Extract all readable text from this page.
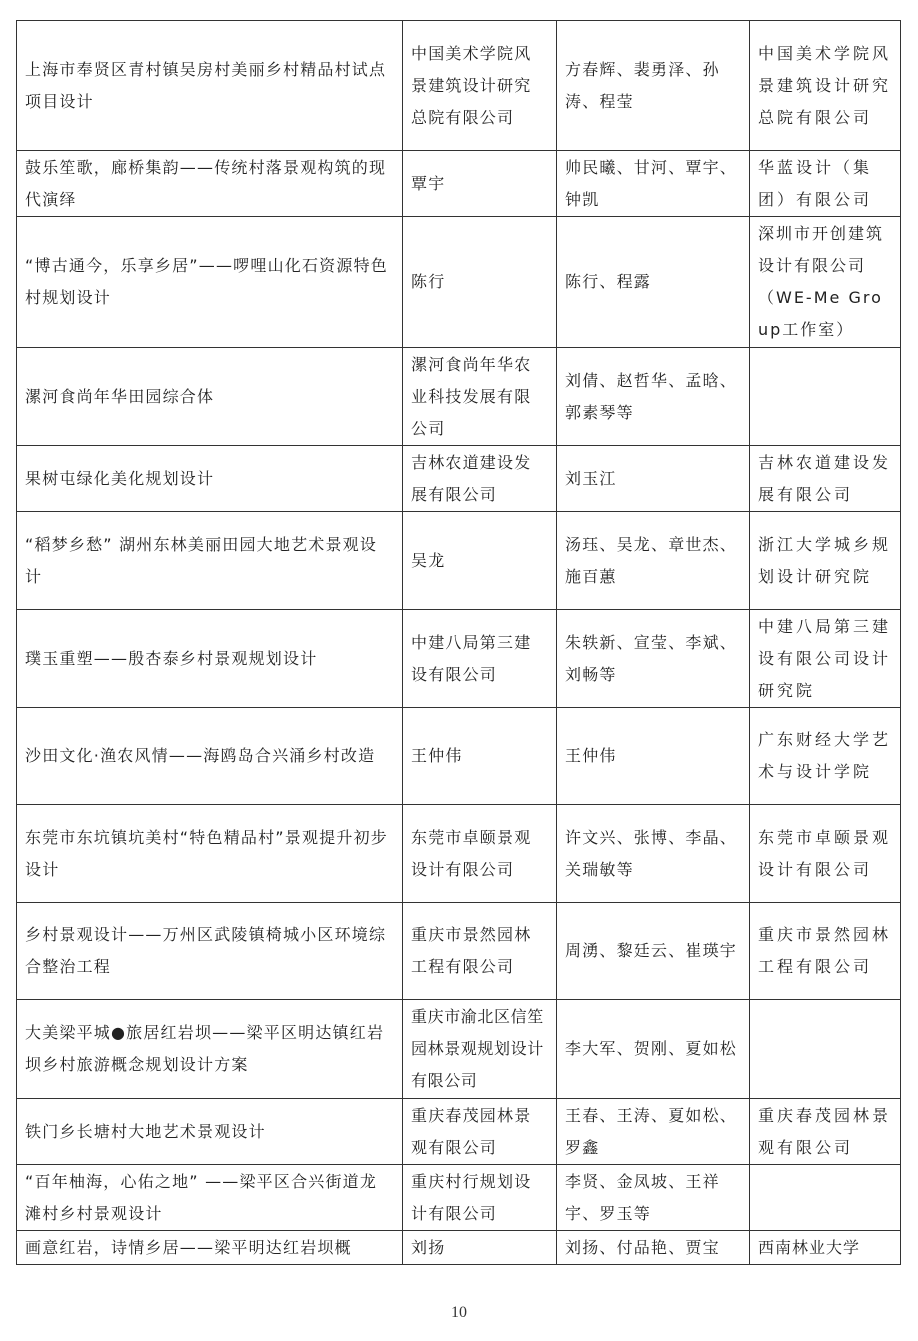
上海市奉贤区青村镇吴房村美丽乡村精品村试点项目设计	中国美术学院风景建筑设计研究总院有限公司	方春辉、裴勇泽、孙涛、程莹	中国美术学院风景建筑设计研究总院有限公司
鼓乐笙歌，廊桥集韵——传统村落景观构筑的现代演绎	覃宇	帅民曦、甘河、覃宇、钟凯	华蓝设计（集团）有限公司
“博古通今，乐享乡居”——啰哩山化石资源特色村规划设计	陈行	陈行、程露	深圳市开创建筑设计有限公司（WE-Me Group工作室）
漯河食尚年华田园综合体	漯河食尚年华农业科技发展有限公司	刘倩、赵哲华、孟晗、郭素琴等	
果树屯绿化美化规划设计	吉林农道建设发展有限公司	刘玉江	吉林农道建设发展有限公司
“稻梦乡愁” 湖州东林美丽田园大地艺术景观设计	吴龙	汤珏、吴龙、章世杰、施百蕙	浙江大学城乡规划设计研究院
璞玉重塑——殷杏泰乡村景观规划设计	中建八局第三建设有限公司	朱轶新、宣莹、李斌、刘畅等	中建八局第三建设有限公司设计研究院
沙田文化·渔农风情——海鸥岛合兴涌乡村改造	王仲伟	王仲伟	广东财经大学艺术与设计学院
东莞市东坑镇坑美村“特色精品村”景观提升初步设计	东莞市卓颐景观设计有限公司	许文兴、张博、李晶、关瑞敏等	东莞市卓颐景观设计有限公司
乡村景观设计——万州区武陵镇椅城小区环境综合整治工程	重庆市景然园林工程有限公司	周湧、黎廷云、崔瑛宇	重庆市景然园林工程有限公司
大美梁平城●旅居红岩坝——梁平区明达镇红岩坝乡村旅游概念规划设计方案	重庆市渝北区信笙园林景观规划设计有限公司	李大军、贺刚、夏如松	
铁门乡长塘村大地艺术景观设计	重庆春茂园林景观有限公司	王春、王涛、夏如松、罗鑫	重庆春茂园林景观有限公司
“百年柚海，心佑之地” ——梁平区合兴街道龙滩村乡村景观设计	重庆村行规划设计有限公司	李贤、金凤坡、王祥宇、罗玉等	
画意红岩，诗情乡居——梁平明达红岩坝概	刘扬	刘扬、付品艳、贾宝	西南林业大学
10
